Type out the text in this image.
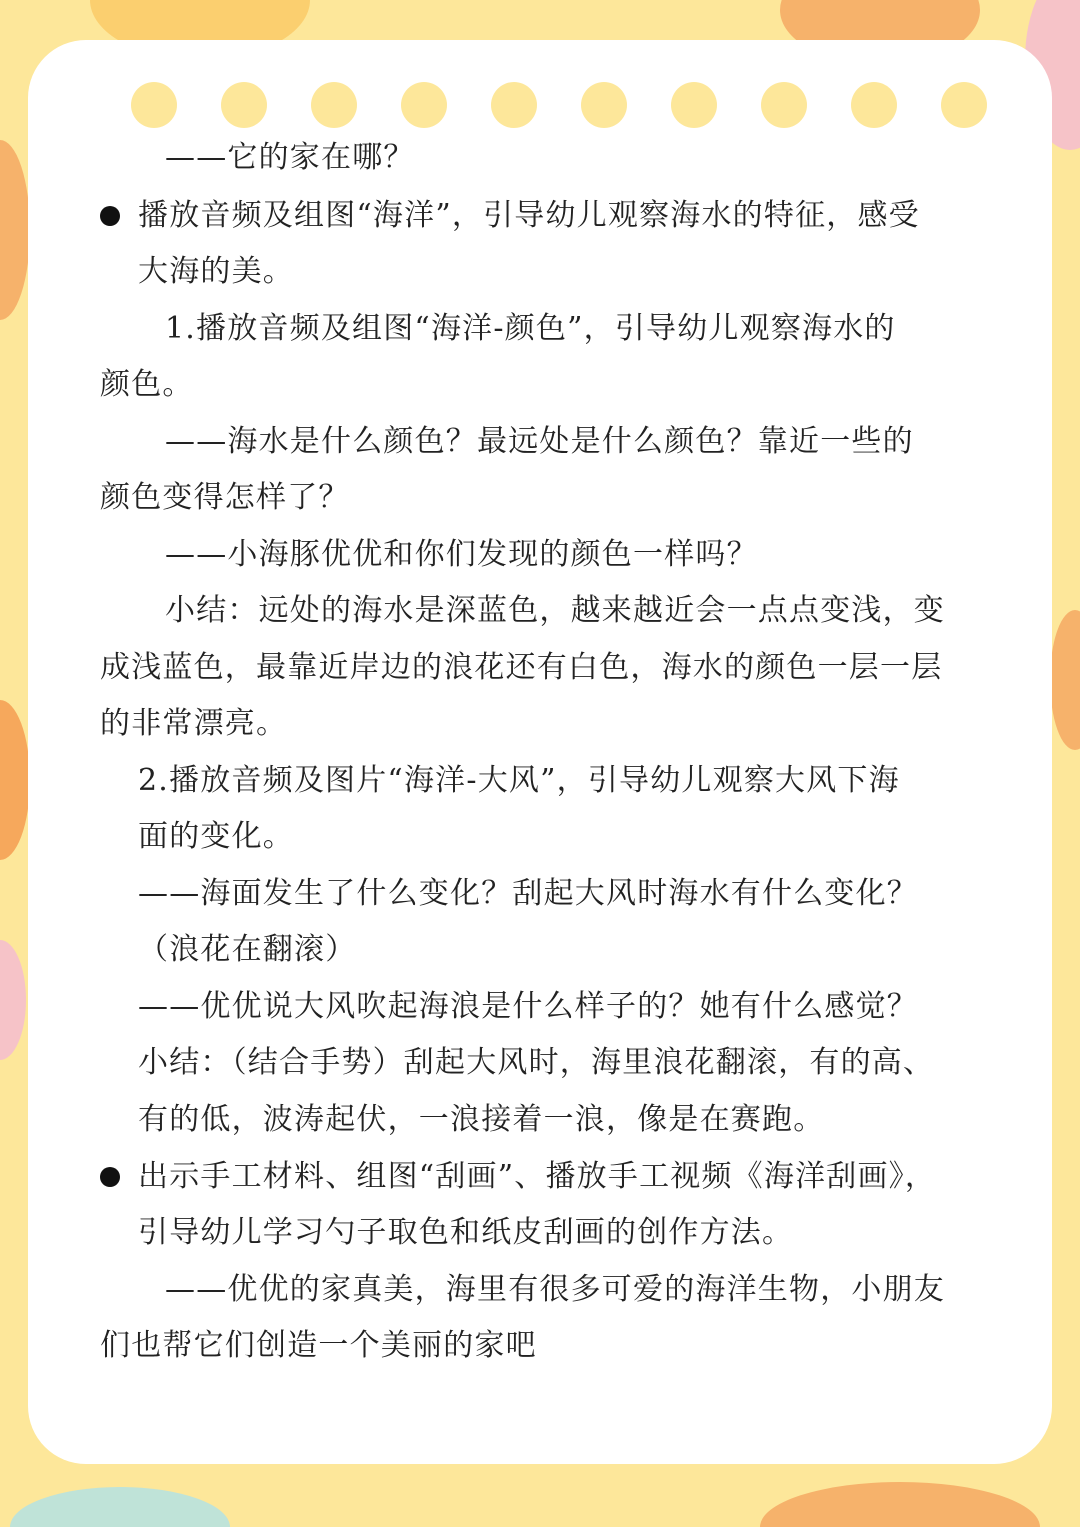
——它的家在哪？
播放音频及组图“海洋”，引导幼儿观察海水的特征，感受
大海的美。
1.播放音频及组图“海洋-颜色”，引导幼儿观察海水的
颜色。
——海水是什么颜色？最远处是什么颜色？靠近一些的
颜色变得怎样了？
——小海豚优优和你们发现的颜色一样吗？
小结：远处的海水是深蓝色，越来越近会一点点变浅，变
成浅蓝色，最靠近岸边的浪花还有白色，海水的颜色一层一层
的非常漂亮。
2.播放音频及图片“海洋-大风”，引导幼儿观察大风下海
面的变化。
——海面发生了什么变化？刮起大风时海水有什么变化？
（浪花在翻滚）
——优优说大风吹起海浪是什么样子的？她有什么感觉？
小结：（结合手势）刮起大风时，海里浪花翻滚，有的高、
有的低，波涛起伏，一浪接着一浪，像是在赛跑。
出示手工材料、组图“刮画”、播放手工视频《海洋刮画》，
引导幼儿学习勺子取色和纸皮刮画的创作方法。
——优优的家真美，海里有很多可爱的海洋生物，小朋友
们也帮它们创造一个美丽的家吧
